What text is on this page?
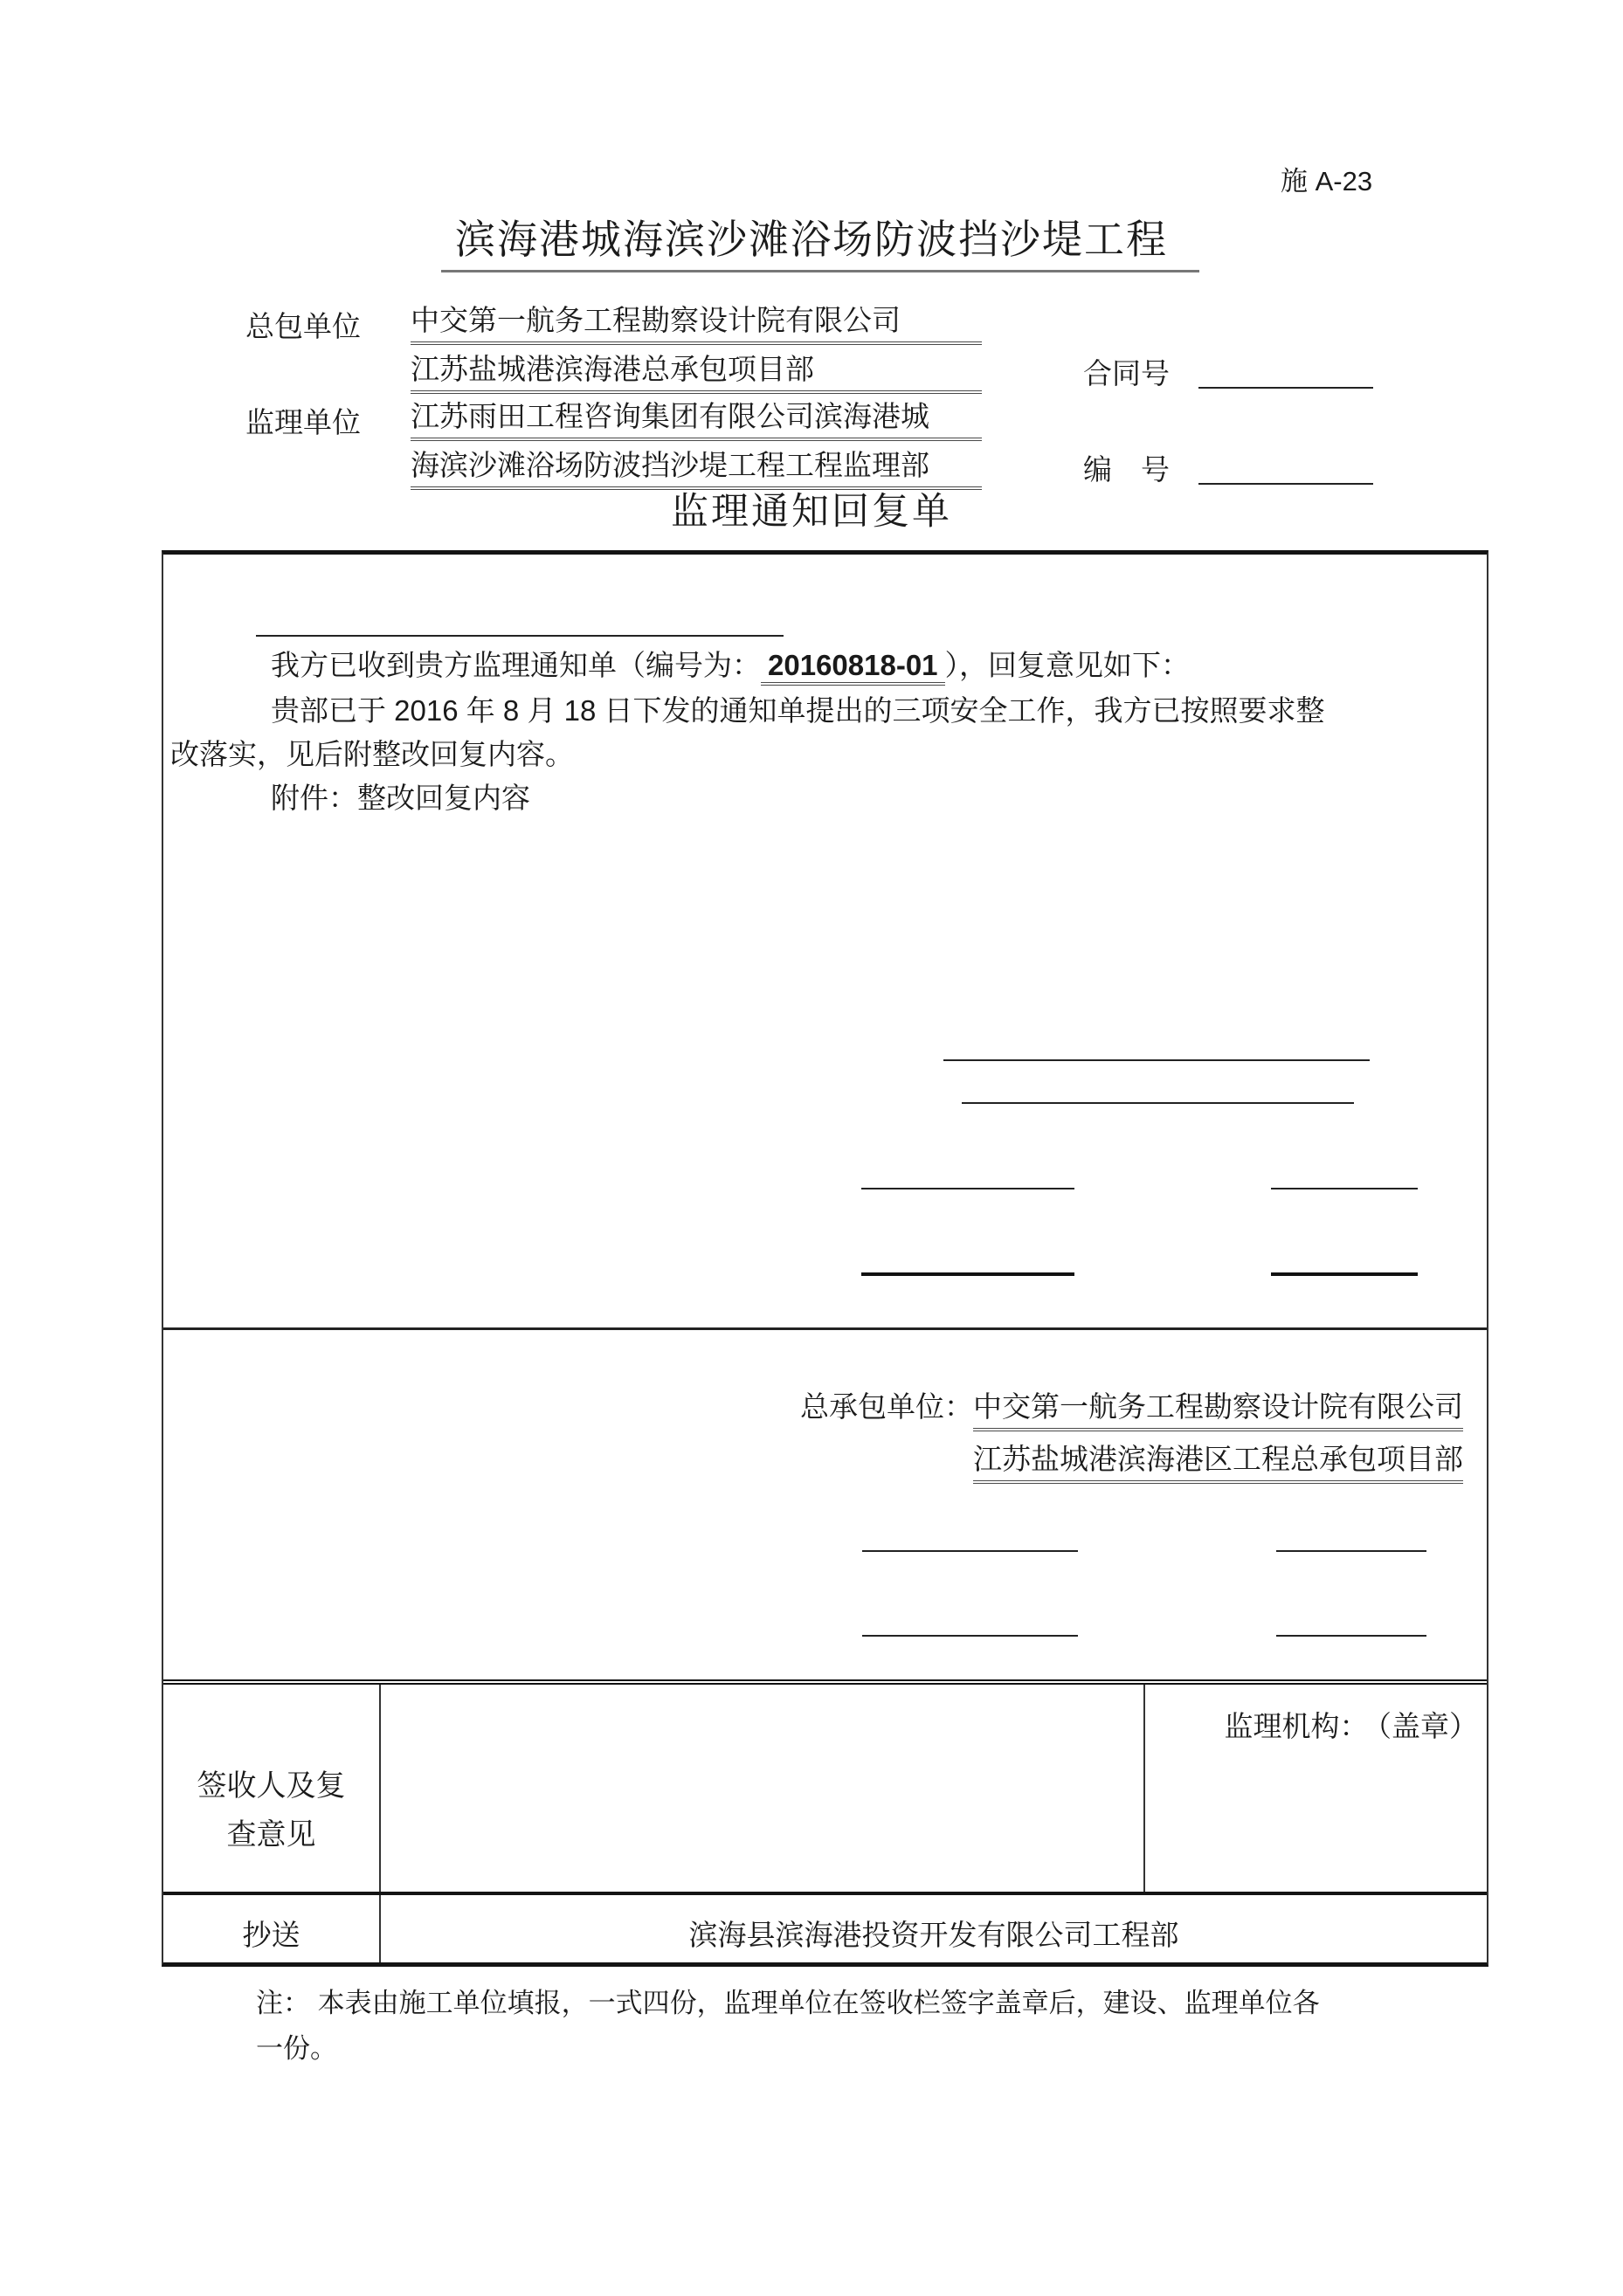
施 A-23
滨海港城海滨沙滩浴场防波挡沙堤工程
总包单位 中交第一航务工程勘察设计院有限公司
江苏盐城港滨海港总承包项目部	合同号
监理单位 江苏雨田工程咨询集团有限公司滨海港城
海滨沙滩浴场防波挡沙堤工程工程监理部	编　号
监理通知回复单
我方已收到贵方监理通知单（编号为： 20160818-01 ），回复意见如下：
贵部已于 2016 年 8 月 18 日下发的通知单提出的三项安全工作，我方已按照要求整
改落实，见后附整改回复内容。
附件：整改回复内容
总承包单位：中交第一航务工程勘察设计院有限公司
江苏盐城港滨海港区工程总承包项目部
签收人及复
查意见
监理机构： （盖章）
抄送	滨海县滨海港投资开发有限公司工程部
注： 本表由施工单位填报，一式四份，监理单位在签收栏签字盖章后，建设、监理单位各
一份。
